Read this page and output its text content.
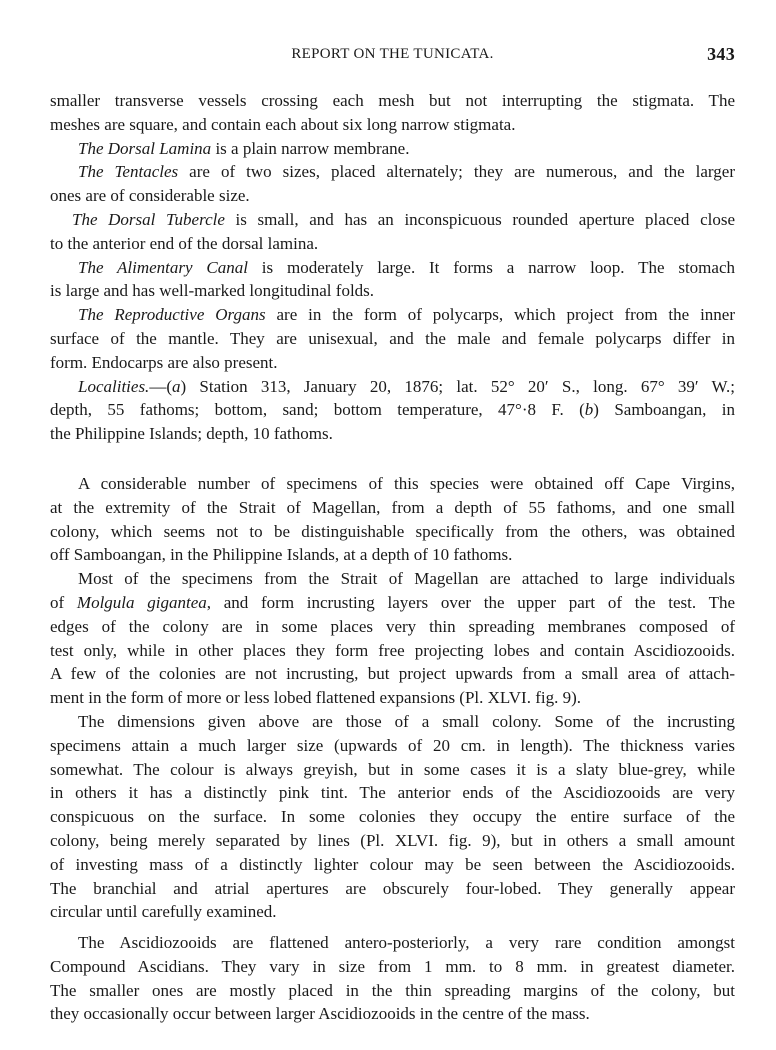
REPORT ON THE TUNICATA.	343
smaller transverse vessels crossing each mesh but not interrupting the stigmata. The
meshes are square, and contain each about six long narrow stigmata.
The Dorsal Lamina is a plain narrow membrane.
The Tentacles are of two sizes, placed alternately; they are numerous, and the larger
ones are of considerable size.
The Dorsal Tubercle is small, and has an inconspicuous rounded aperture placed close
to the anterior end of the dorsal lamina.
The Alimentary Canal is moderately large. It forms a narrow loop. The stomach
is large and has well-marked longitudinal folds.
The Reproductive Organs are in the form of polycarps, which project from the inner
surface of the mantle. They are unisexual, and the male and female polycarps differ in
form. Endocarps are also present.
Localities.—(a) Station 313, January 20, 1876; lat. 52° 20′ S., long. 67° 39′ W.;
depth, 55 fathoms; bottom, sand; bottom temperature, 47°·8 F. (b) Samboangan, in
the Philippine Islands; depth, 10 fathoms.
A considerable number of specimens of this species were obtained off Cape Virgins,
at the extremity of the Strait of Magellan, from a depth of 55 fathoms, and one small
colony, which seems not to be distinguishable specifically from the others, was obtained
off Samboangan, in the Philippine Islands, at a depth of 10 fathoms.
Most of the specimens from the Strait of Magellan are attached to large individuals
of Molgula gigantea, and form incrusting layers over the upper part of the test. The
edges of the colony are in some places very thin spreading membranes composed of
test only, while in other places they form free projecting lobes and contain Ascidiozooids.
A few of the colonies are not incrusting, but project upwards from a small area of attach-
ment in the form of more or less lobed flattened expansions (Pl. XLVI. fig. 9).
The dimensions given above are those of a small colony. Some of the incrusting
specimens attain a much larger size (upwards of 20 cm. in length). The thickness varies
somewhat. The colour is always greyish, but in some cases it is a slaty blue-grey, while
in others it has a distinctly pink tint. The anterior ends of the Ascidiozooids are very
conspicuous on the surface. In some colonies they occupy the entire surface of the
colony, being merely separated by lines (Pl. XLVI. fig. 9), but in others a small amount
of investing mass of a distinctly lighter colour may be seen between the Ascidiozooids.
The branchial and atrial apertures are obscurely four-lobed. They generally appear
circular until carefully examined.
The Ascidiozooids are flattened antero-posteriorly, a very rare condition amongst
Compound Ascidians. They vary in size from 1 mm. to 8 mm. in greatest diameter.
The smaller ones are mostly placed in the thin spreading margins of the colony, but
they occasionally occur between larger Ascidiozooids in the centre of the mass.
